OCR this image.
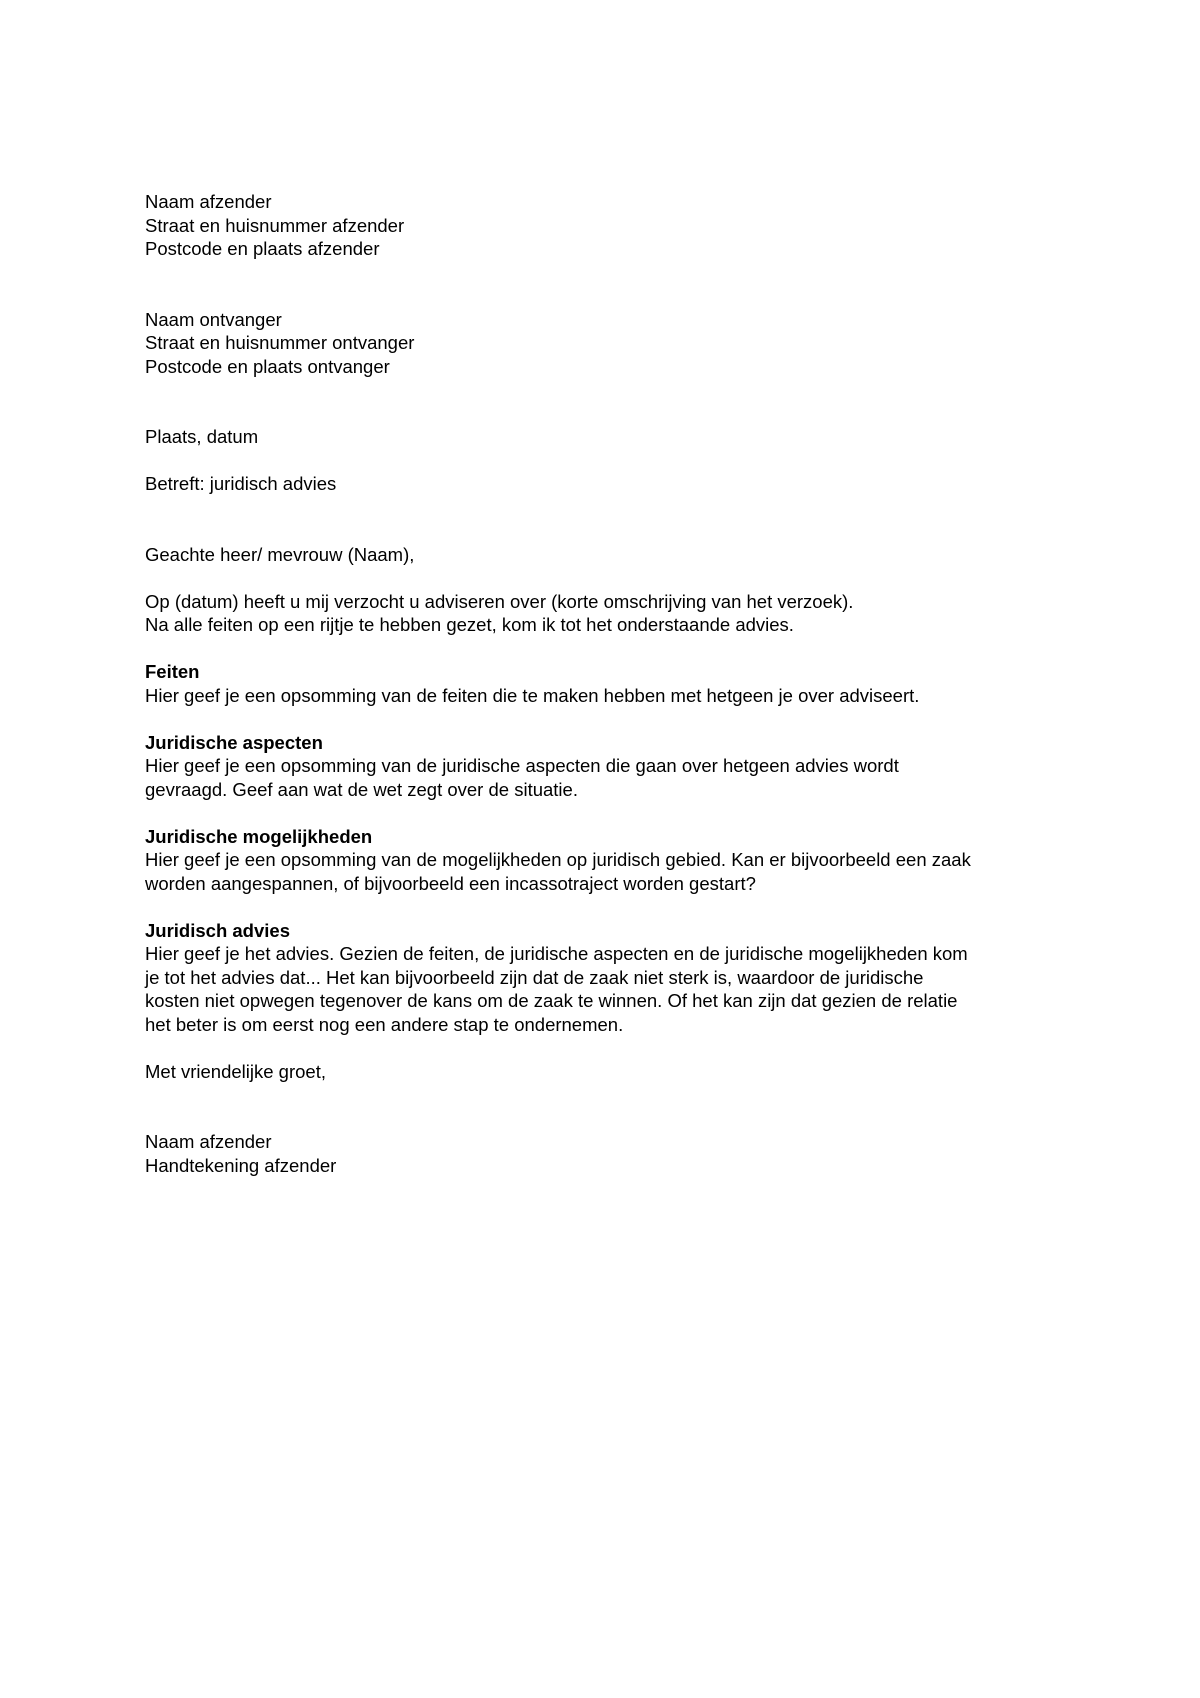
Naam afzender
Straat en huisnummer afzender
Postcode en plaats afzender
Naam ontvanger
Straat en huisnummer ontvanger
Postcode en plaats ontvanger
Plaats, datum
Betreft: juridisch advies
Geachte heer/ mevrouw (Naam),
Op (datum) heeft u mij verzocht u adviseren over (korte omschrijving van het verzoek).
Na alle feiten op een rijtje te hebben gezet, kom ik tot het onderstaande advies.
Feiten
Hier geef je een opsomming van de feiten die te maken hebben met hetgeen je over adviseert.
Juridische aspecten
Hier geef je een opsomming van de juridische aspecten die gaan over hetgeen advies wordt
gevraagd. Geef aan wat de wet zegt over de situatie.
Juridische mogelijkheden
Hier geef je een opsomming van de mogelijkheden op juridisch gebied. Kan er bijvoorbeeld een zaak
worden aangespannen, of bijvoorbeeld een incassotraject worden gestart?
Juridisch advies
Hier geef je het advies. Gezien de feiten, de juridische aspecten en de juridische mogelijkheden kom
je tot het advies dat... Het kan bijvoorbeeld zijn dat de zaak niet sterk is, waardoor de juridische
kosten niet opwegen tegenover de kans om de zaak te winnen. Of het kan zijn dat gezien de relatie
het beter is om eerst nog een andere stap te ondernemen.
Met vriendelijke groet,
Naam afzender
Handtekening afzender
